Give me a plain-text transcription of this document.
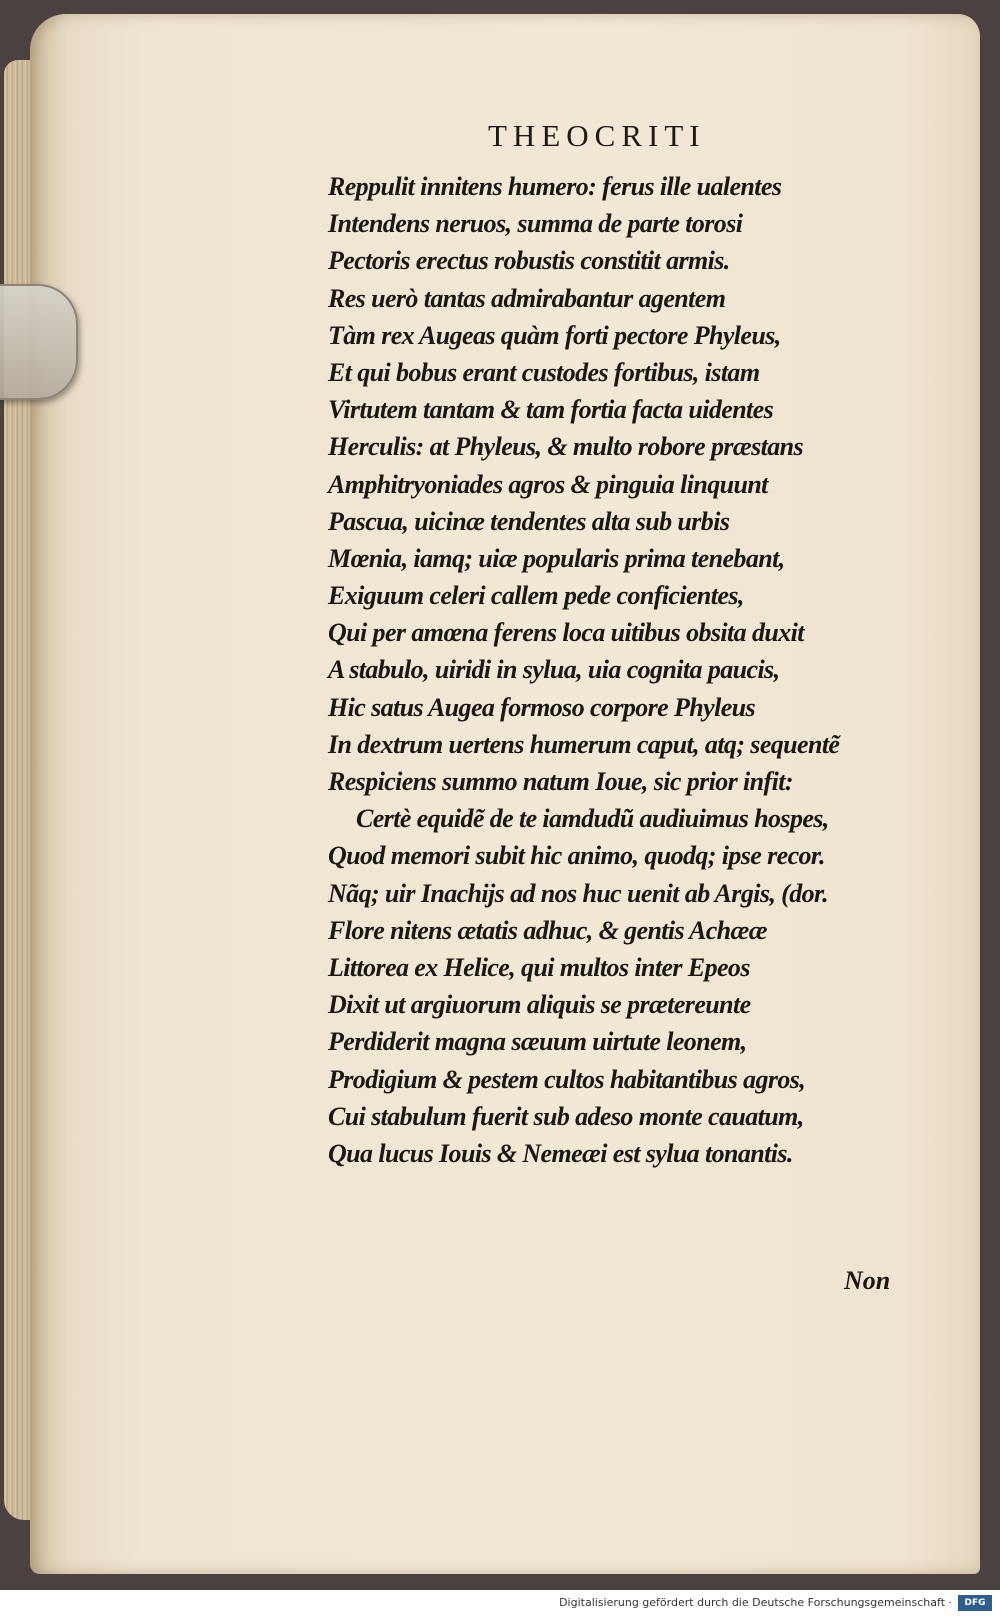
THEOCRITI
Reppulit innitens humero: ferus ille ualentes
Intendens neruos, summa de parte torosi
Pectoris erectus robustis constitit armis.
Res uerò tantas admirabantur agentem
Tàm rex Augeas quàm forti pectore Phyleus,
Et qui bobus erant custodes fortibus, istam
Virtutem tantam & tam fortia facta uidentes
Herculis: at Phyleus, & multo robore præstans
Amphitryoniades agros & pinguia linquunt
Pascua, uicinæ tendentes alta sub urbis
Mœnia, iamq; uiæ popularis prima tenebant,
Exiguum celeri callem pede conficientes,
Qui per amœna ferens loca uitibus obsita duxit
A stabulo, uiridi in sylua, uia cognita paucis,
Hic satus Augea formoso corpore Phyleus
In dextrum uertens humerum caput, atq; sequentẽ
Respiciens summo natum Ioue, sic prior infit:
Certè equidẽ de te iamdudũ audiuimus hospes,
Quod memori subit hic animo, quodq; ipse recor.
Nãq; uir Inachijs ad nos huc uenit ab Argis, (dor.
Flore nitens ætatis adhuc, & gentis Achææ
Littorea ex Helice, qui multos inter Epeos
Dixit ut argiuorum aliquis se prætereunte
Perdiderit magna sæuum uirtute leonem,
Prodigium & pestem cultos habitantibus agros,
Cui stabulum fuerit sub adeso monte cauatum,
Qua lucus Iouis & Nemeæi est sylua tonantis.
Non
Digitalisierung gefördert durch die Deutsche Forschungsgemeinschaft ·	DFG
